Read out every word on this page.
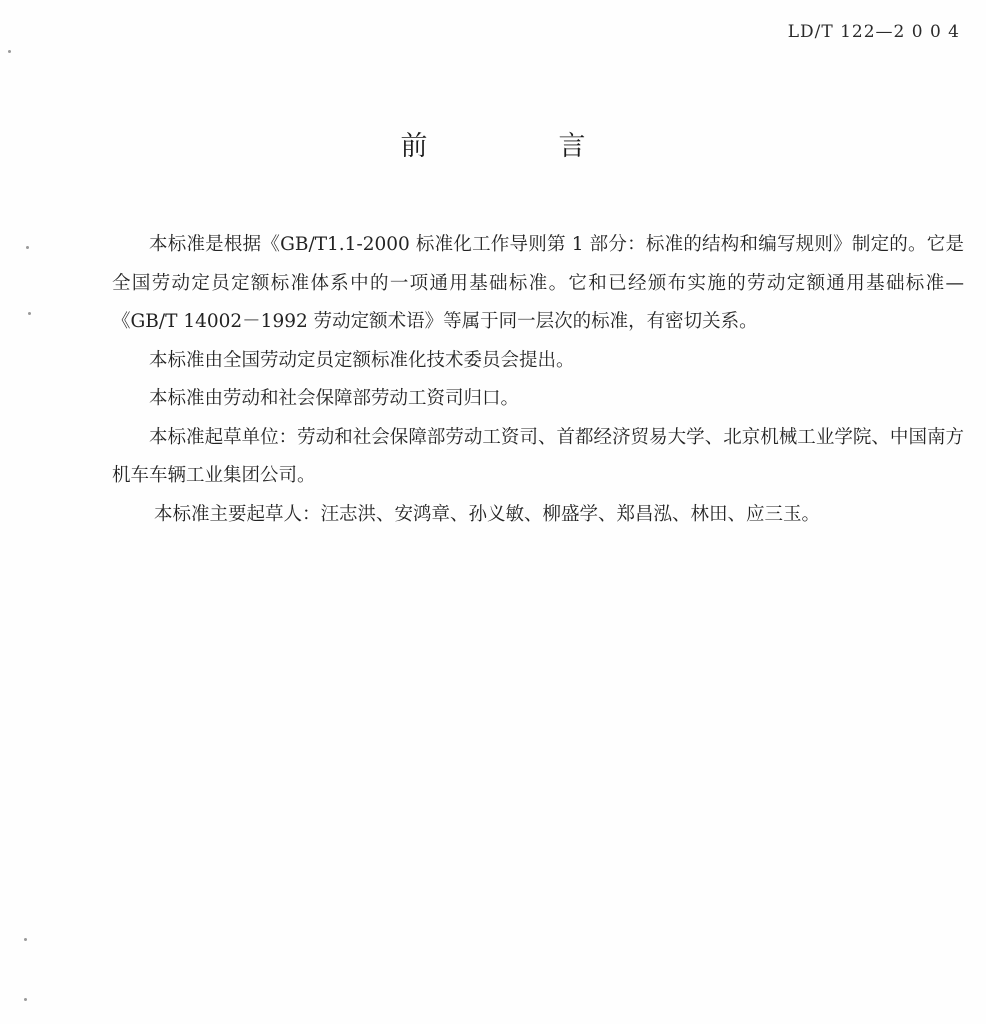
LD/T 122—2 0 0 4
前　言

本标准是根据《GB/T1.1-2000 标准化工作导则第 1 部分：标准的结构和编写规则》制定的。它是全国劳动定员定额标准体系中的一项通用基础标准。它和已经颁布实施的劳动定额通用基础标准—《GB/T 14002－1992 劳动定额术语》等属于同一层次的标准，有密切关系。

本标准由全国劳动定员定额标准化技术委员会提出。

本标准由劳动和社会保障部劳动工资司归口。

本标准起草单位：劳动和社会保障部劳动工资司、首都经济贸易大学、北京机械工业学院、中国南方机车车辆工业集团公司。

本标准主要起草人：汪志洪、安鸿章、孙义敏、柳盛学、郑昌泓、林田、应三玉。
